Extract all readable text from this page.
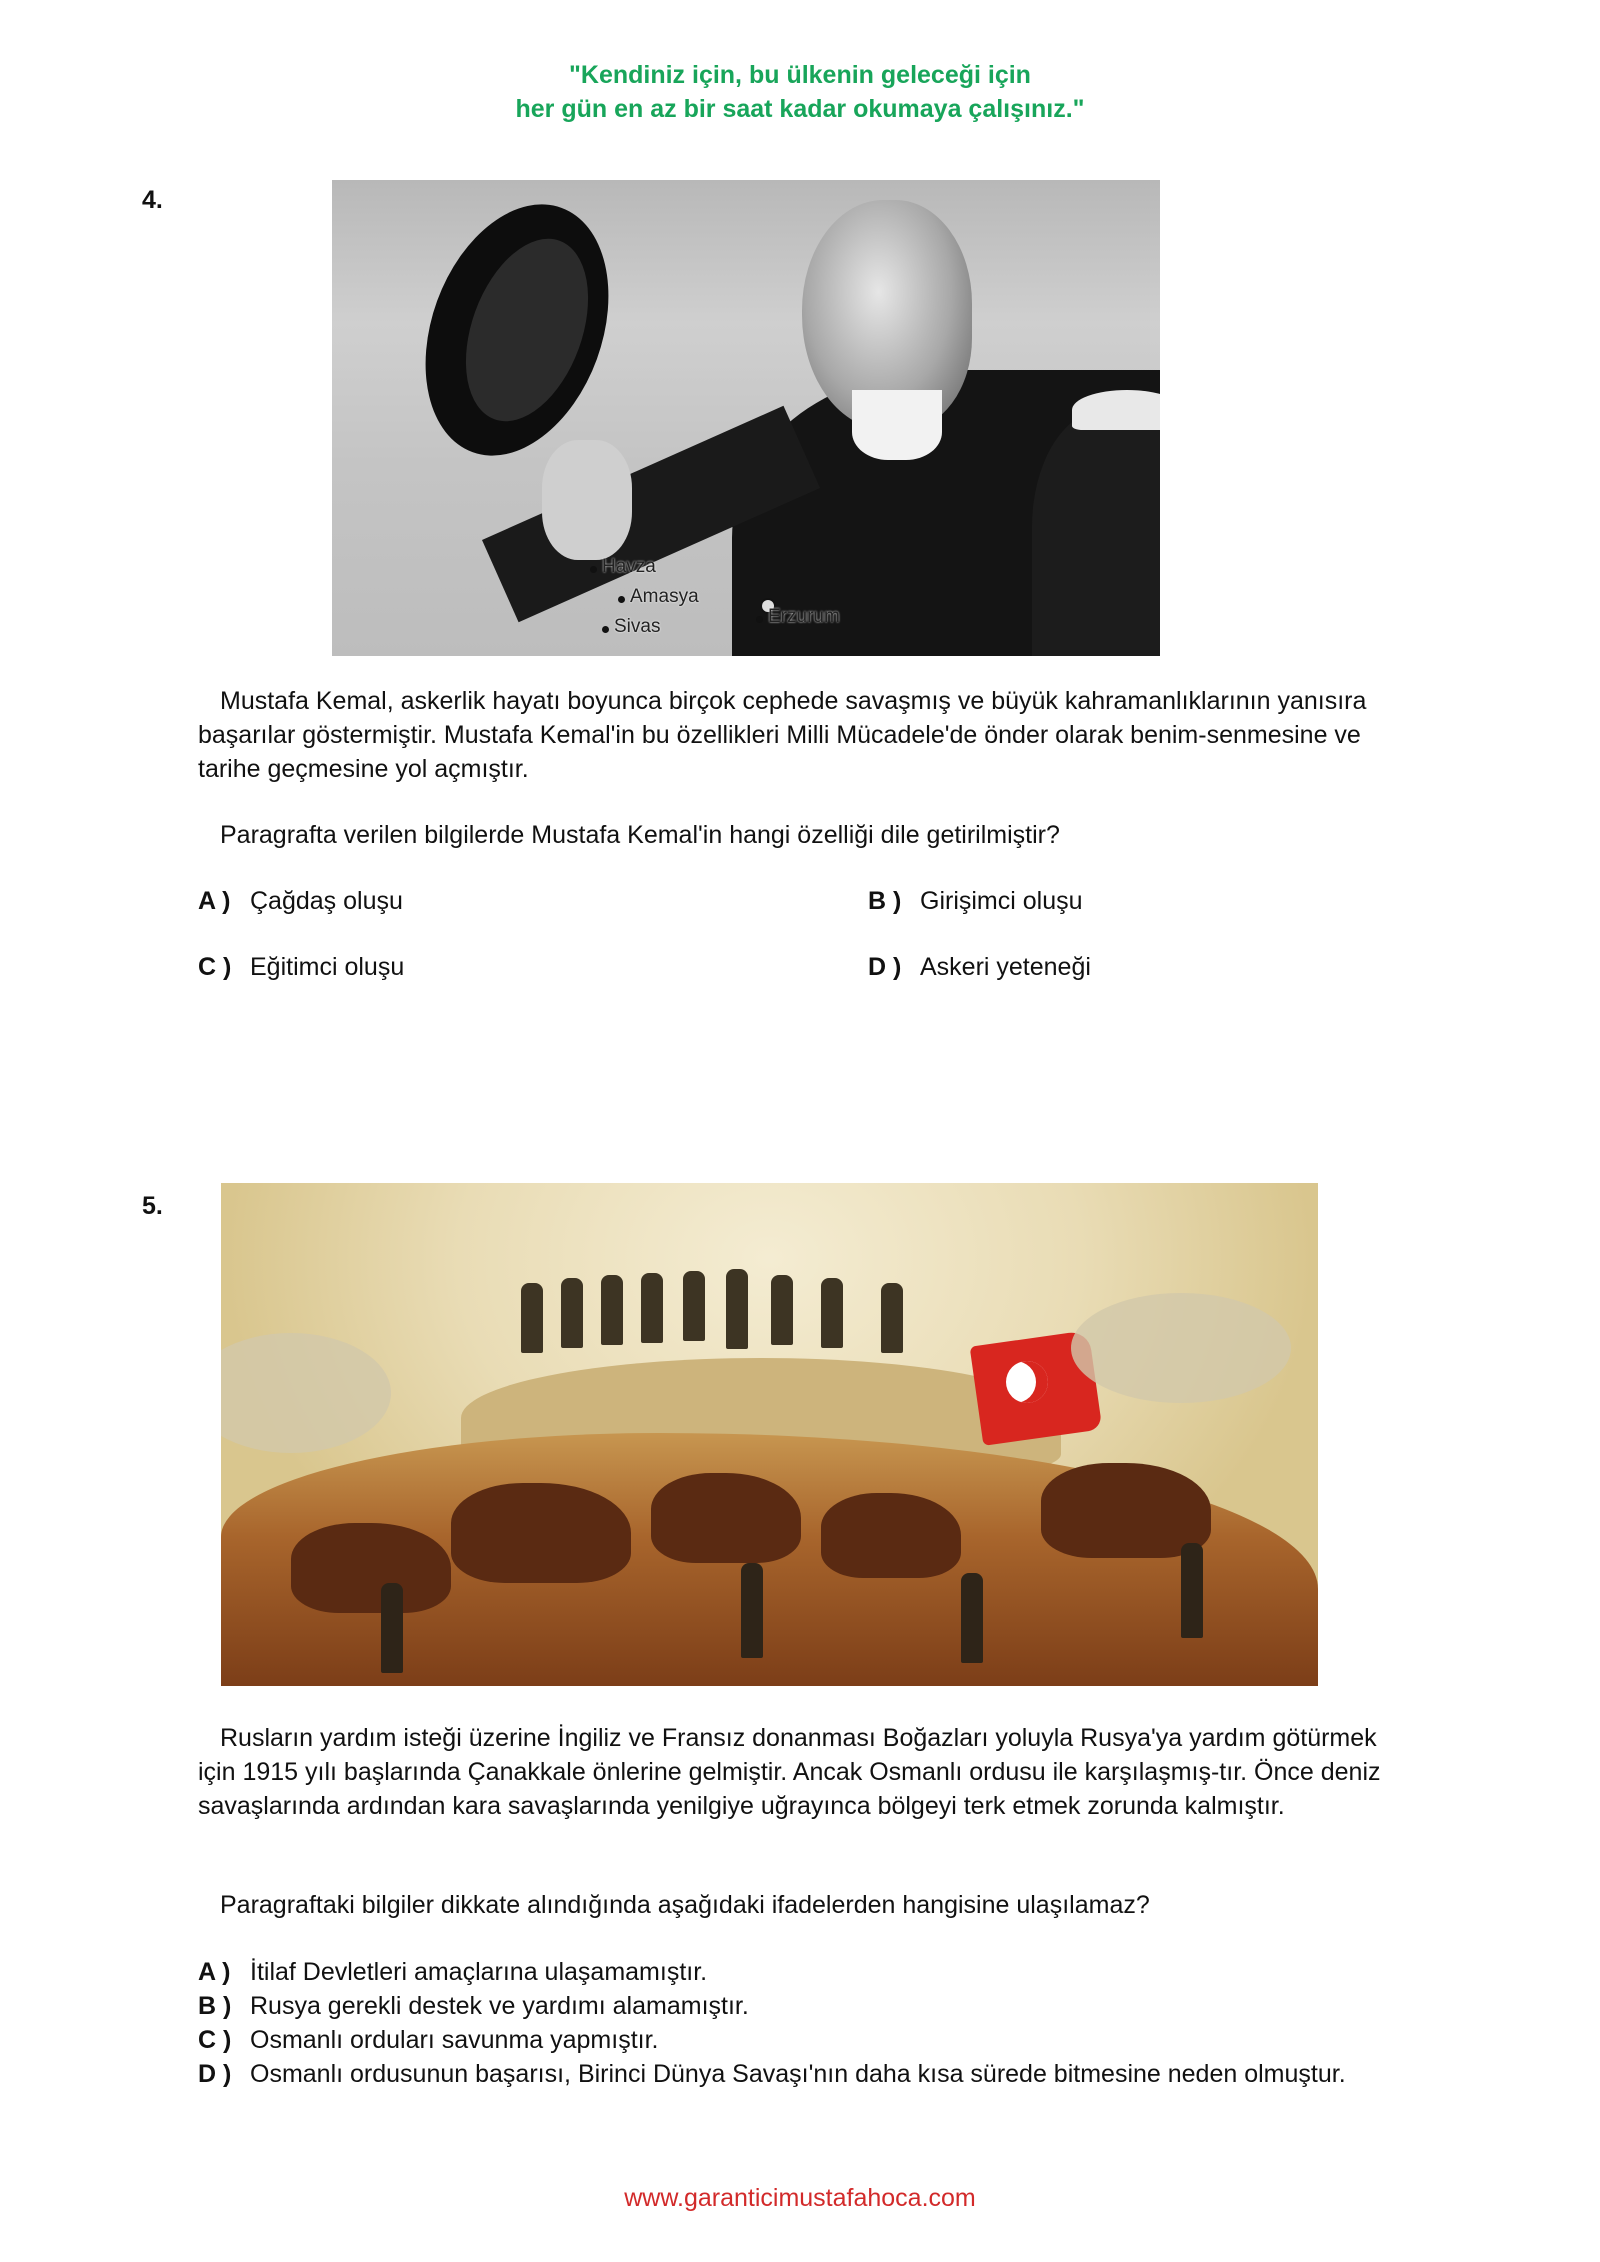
"Kendiniz için, bu ülkenin geleceği için
her gün en az bir saat kadar okumaya çalışınız."
4.
Havza
Amasya
Sivas	Erzurum
Mustafa Kemal, askerlik hayatı boyunca birçok cephede savaşmış ve büyük kahramanlıklarının yanısıra başarılar göstermiştir. Mustafa Kemal'in bu özellikleri Milli Mücadele'de önder olarak benim-senmesine ve tarihe geçmesine yol açmıştır.
Paragrafta verilen bilgilerde Mustafa Kemal'in hangi özelliği dile getirilmiştir?
A ) Çağdaş oluşu	B ) Girişimci oluşu
C ) Eğitimci oluşu	D ) Askeri yeteneği
5.
Rusların yardım isteği üzerine İngiliz ve Fransız donanması Boğazları yoluyla Rusya'ya yardım götürmek için 1915 yılı başlarında Çanakkale önlerine gelmiştir. Ancak Osmanlı ordusu ile karşılaşmış-tır. Önce deniz savaşlarında ardından kara savaşlarında yenilgiye uğrayınca bölgeyi terk etmek zorunda kalmıştır.
Paragraftaki bilgiler dikkate alındığında aşağıdaki ifadelerden hangisine ulaşılamaz?
A ) İtilaf Devletleri amaçlarına ulaşamamıştır.
B ) Rusya gerekli destek ve yardımı alamamıştır.
C ) Osmanlı orduları savunma yapmıştır.
D ) Osmanlı ordusunun başarısı, Birinci Dünya Savaşı'nın daha kısa sürede bitmesine neden olmuştur.
www.garanticimustafahoca.com
